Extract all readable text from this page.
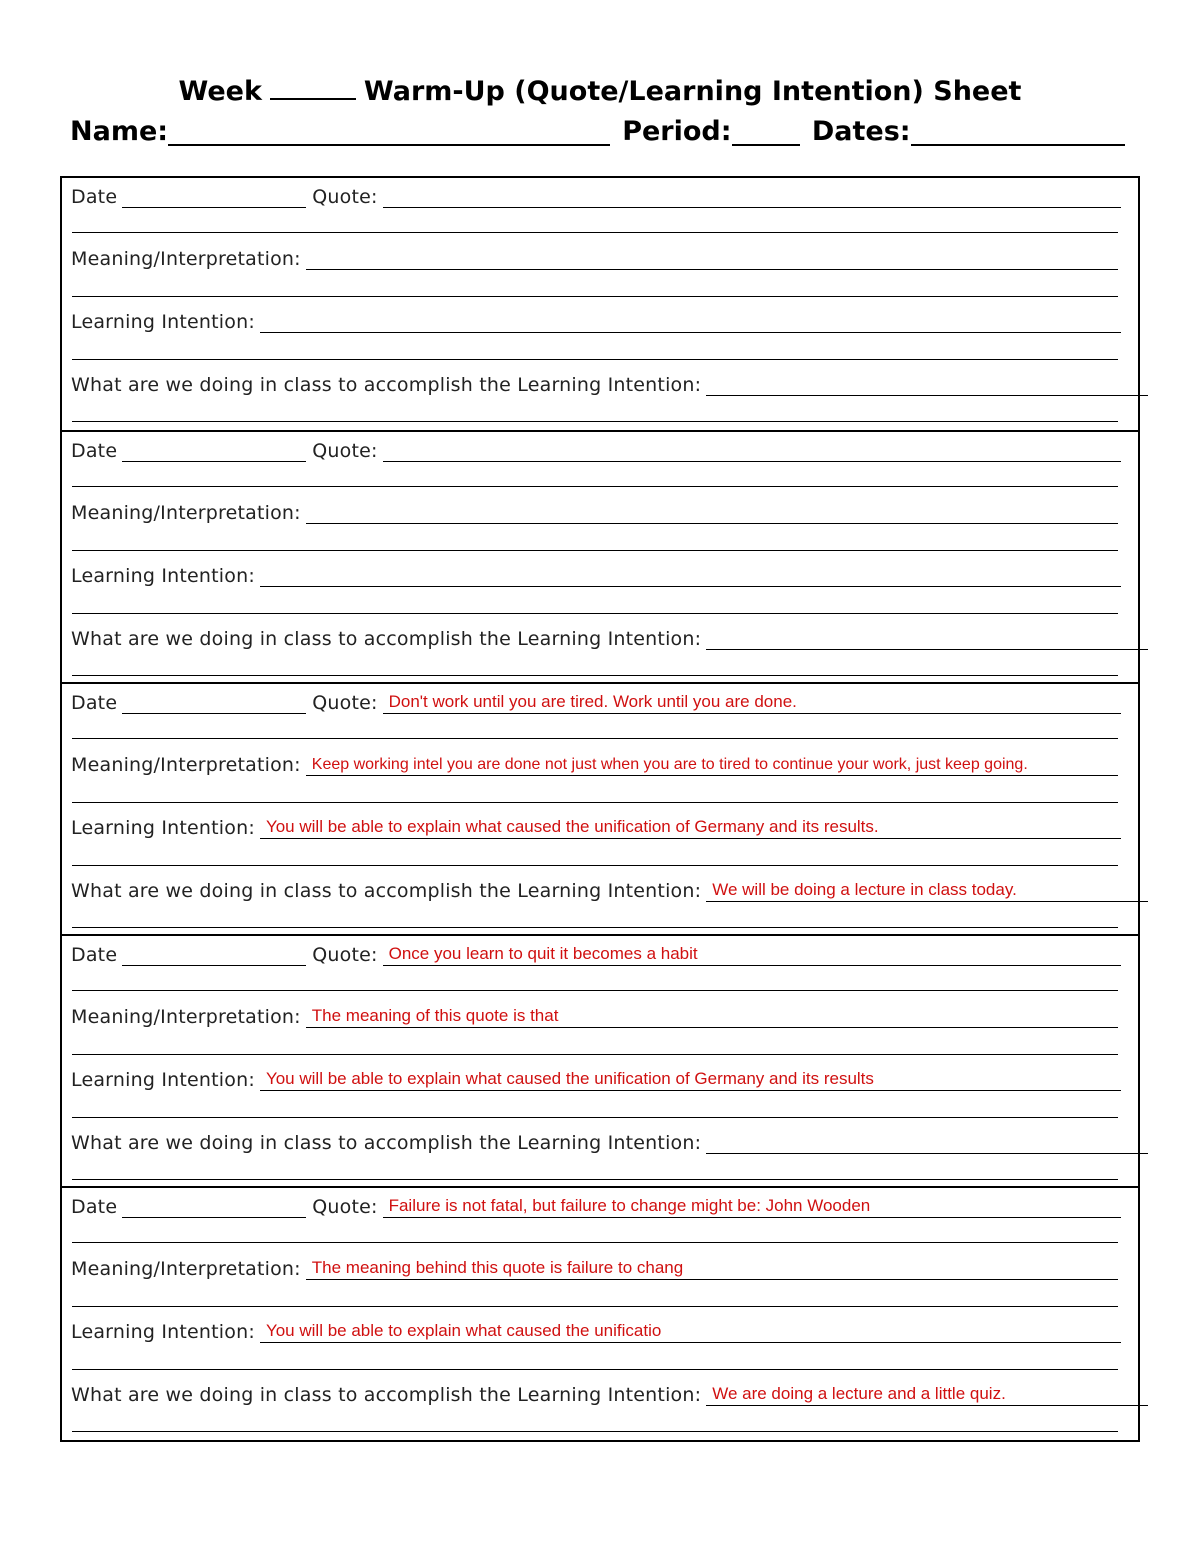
Week	Warm-Up (Quote/Learning Intention) Sheet
Name:	Period:	Dates:
Date	Quote:
Meaning/Interpretation:
Learning Intention:
What are we doing in class to accomplish the Learning Intention:
Date	Quote:
Meaning/Interpretation:
Learning Intention:
What are we doing in class to accomplish the Learning Intention:
Date	Quote: Don't work until you are tired. Work until you are done.
Meaning/Interpretation: Keep working intel you are done not just when you are to tired to continue your work, just keep going.
Learning Intention: You will be able to explain what caused the unification of Germany and its results.
What are we doing in class to accomplish the Learning Intention: We will be doing a lecture in class today.
Date	Quote: Once you learn to quit it becomes a habit
Meaning/Interpretation: The meaning of this quote is that
Learning Intention: You will be able to explain what caused the unification of Germany and its results
What are we doing in class to accomplish the Learning Intention:
Date	Quote: Failure is not fatal, but failure to change might be: John Wooden
Meaning/Interpretation: The meaning behind this quote is failure to chang
Learning Intention: You will be able to explain what caused the unificatio
What are we doing in class to accomplish the Learning Intention: We are doing a lecture and a little quiz.
